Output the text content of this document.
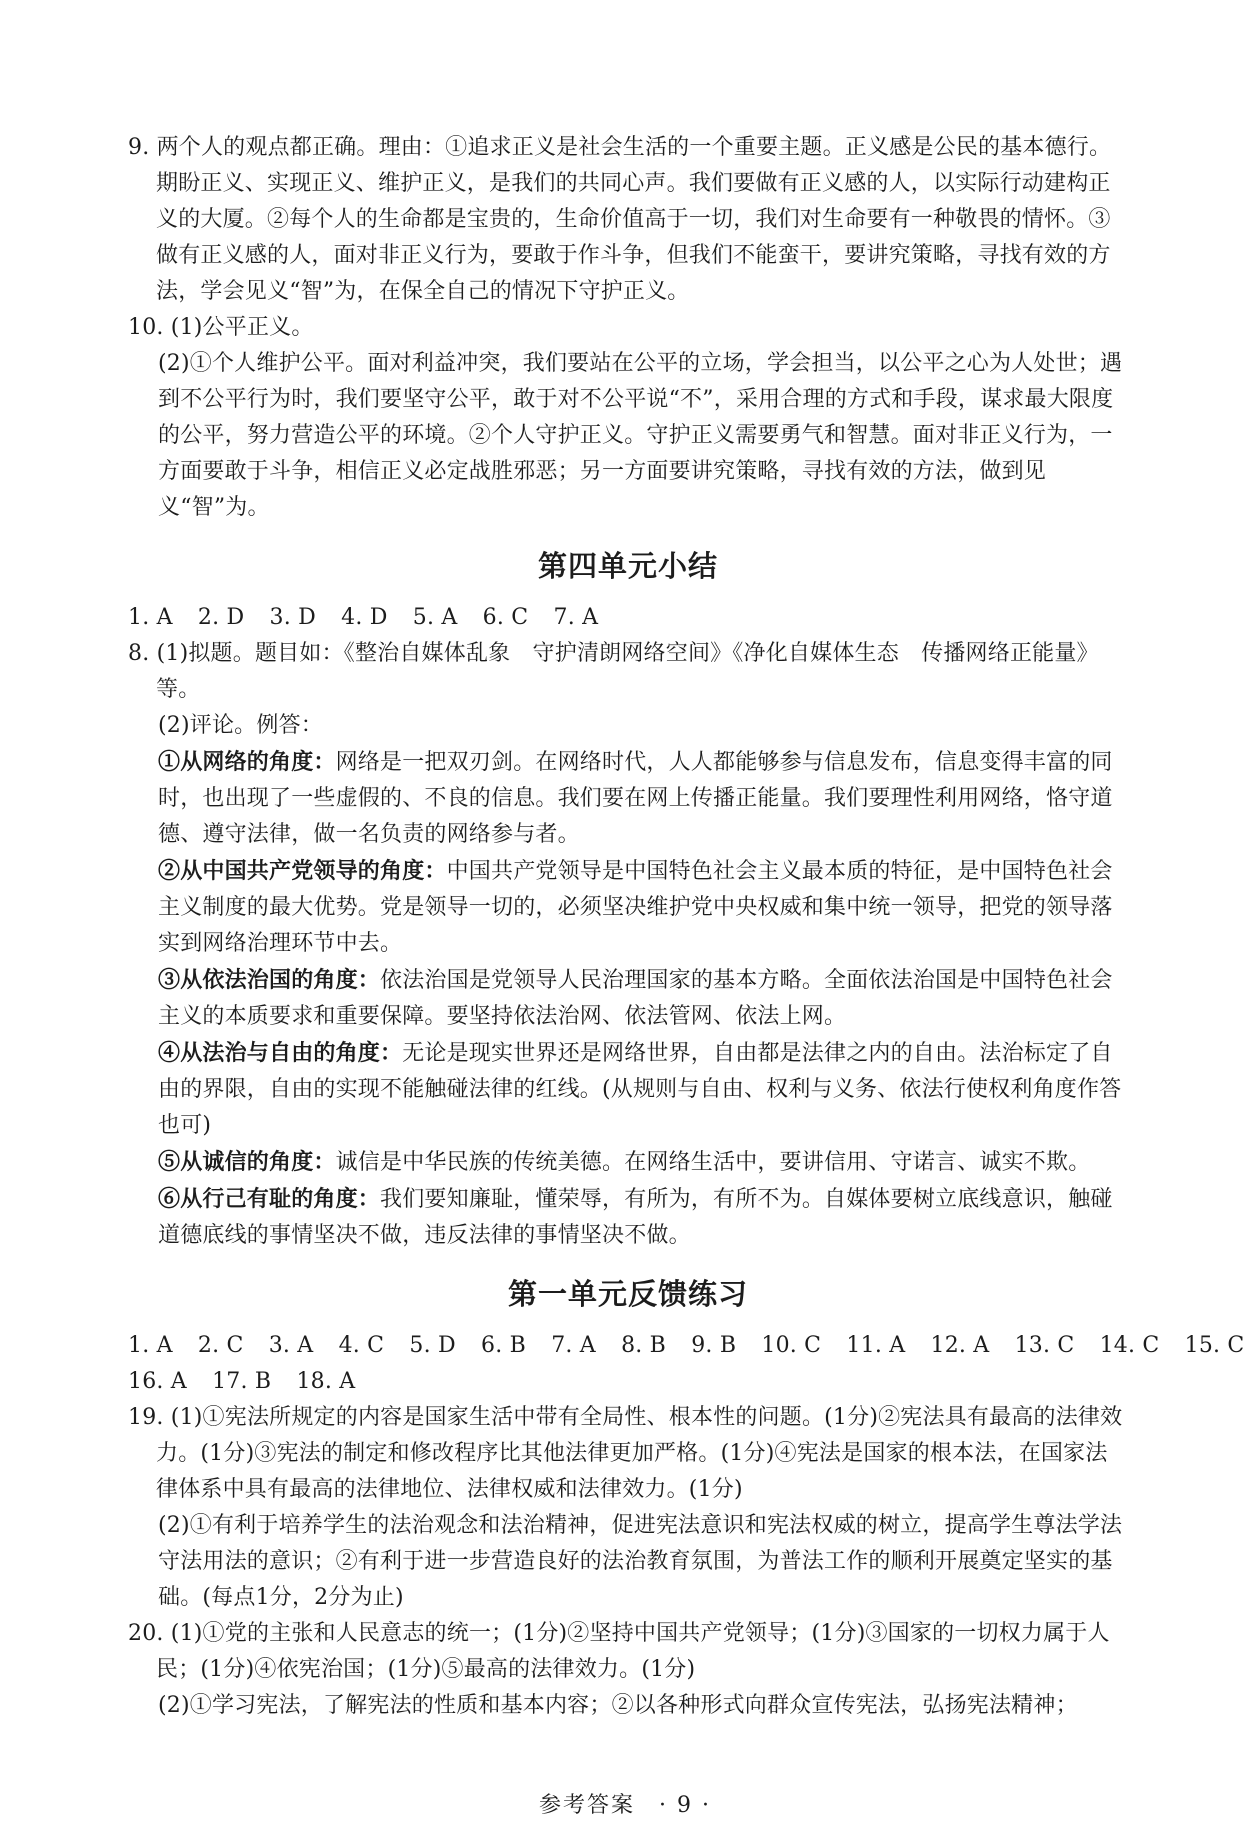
9. 两个人的观点都正确。理由：①追求正义是社会生活的一个重要主题。正义感是公民的基本德行。期盼正义、实现正义、维护正义，是我们的共同心声。我们要做有正义感的人，以实际行动建构正义的大厦。②每个人的生命都是宝贵的，生命价值高于一切，我们对生命要有一种敬畏的情怀。③做有正义感的人，面对非正义行为，要敢于作斗争，但我们不能蛮干，要讲究策略，寻找有效的方法，学会见义“智”为，在保全自己的情况下守护正义。

10. (1)公平正义。

(2)①个人维护公平。面对利益冲突，我们要站在公平的立场，学会担当，以公平之心为人处世；遇到不公平行为时，我们要坚守公平，敢于对不公平说“不”，采用合理的方式和手段，谋求最大限度的公平，努力营造公平的环境。②个人守护正义。守护正义需要勇气和智慧。面对非正义行为，一方面要敢于斗争，相信正义必定战胜邪恶；另一方面要讲究策略，寻找有效的方法，做到见义“智”为。

第四单元小结
1. A 2. D 3. D 4. D 5. A 6. C 7. A

8. (1)拟题。题目如：《整治自媒体乱象　守护清朗网络空间》《净化自媒体生态　传播网络正能量》等。

(2)评论。例答：

①从网络的角度：网络是一把双刃剑。在网络时代，人人都能够参与信息发布，信息变得丰富的同时，也出现了一些虚假的、不良的信息。我们要在网上传播正能量。我们要理性利用网络，恪守道德、遵守法律，做一名负责的网络参与者。

②从中国共产党领导的角度：中国共产党领导是中国特色社会主义最本质的特征，是中国特色社会主义制度的最大优势。党是领导一切的，必须坚决维护党中央权威和集中统一领导，把党的领导落实到网络治理环节中去。

③从依法治国的角度：依法治国是党领导人民治理国家的基本方略。全面依法治国是中国特色社会主义的本质要求和重要保障。要坚持依法治网、依法管网、依法上网。

④从法治与自由的角度：无论是现实世界还是网络世界，自由都是法律之内的自由。法治标定了自由的界限，自由的实现不能触碰法律的红线。(从规则与自由、权利与义务、依法行使权利角度作答也可)

⑤从诚信的角度：诚信是中华民族的传统美德。在网络生活中，要讲信用、守诺言、诚实不欺。

⑥从行己有耻的角度：我们要知廉耻，懂荣辱，有所为，有所不为。自媒体要树立底线意识，触碰道德底线的事情坚决不做，违反法律的事情坚决不做。

第一单元反馈练习
1. A 2. C 3. A 4. C 5. D 6. B 7. A 8. B 9. B 10. C 11. A 12. A 13. C 14. C 15. C
16. A 17. B 18. A

19. (1)①宪法所规定的内容是国家生活中带有全局性、根本性的问题。(1分)②宪法具有最高的法律效力。(1分)③宪法的制定和修改程序比其他法律更加严格。(1分)④宪法是国家的根本法，在国家法律体系中具有最高的法律地位、法律权威和法律效力。(1分)

(2)①有利于培养学生的法治观念和法治精神，促进宪法意识和宪法权威的树立，提高学生尊法学法守法用法的意识；②有利于进一步营造良好的法治教育氛围，为普法工作的顺利开展奠定坚实的基础。(每点1分，2分为止)

20. (1)①党的主张和人民意志的统一；(1分)②坚持中国共产党领导；(1分)③国家的一切权力属于人民；(1分)④依宪治国；(1分)⑤最高的法律效力。(1分)

(2)①学习宪法，了解宪法的性质和基本内容；②以各种形式向群众宣传宪法，弘扬宪法精神；

参考答案　· 9 ·
